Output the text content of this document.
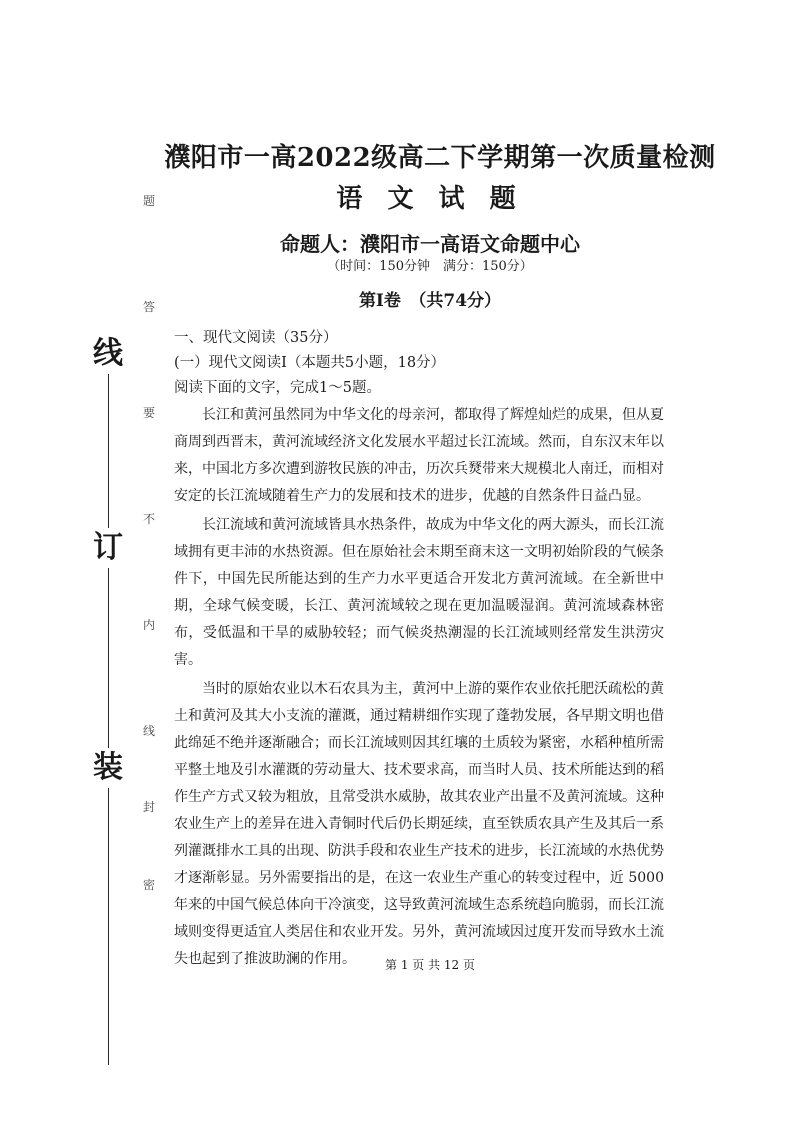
线
订
装
题
答
要
不
内
线
封
密
濮阳市一高2022级高二下学期第一次质量检测
语 文 试 题
命题人：濮阳市一高语文命题中心
（时间：150分钟　满分：150分）
第Ⅰ卷　（共74分）
一、现代文阅读（35分）
(一）现代文阅读Ⅰ（本题共5小题，18分）
阅读下面的文字，完成1～5题。

长江和黄河虽然同为中华文化的母亲河，都取得了辉煌灿烂的成果，但从夏商周到西晋末，黄河流域经济文化发展水平超过长江流域。然而，自东汉末年以来，中国北方多次遭到游牧民族的冲击，历次兵燹带来大规模北人南迁，而相对安定的长江流域随着生产力的发展和技术的进步，优越的自然条件日益凸显。

长江流域和黄河流域皆具水热条件，故成为中华文化的两大源头，而长江流域拥有更丰沛的水热资源。但在原始社会末期至商末这一文明初始阶段的气候条件下，中国先民所能达到的生产力水平更适合开发北方黄河流域。在全新世中期，全球气候变暖，长江、黄河流域较之现在更加温暖湿润。黄河流域森林密布，受低温和干旱的威胁较轻；而气候炎热潮湿的长江流域则经常发生洪涝灾害。

当时的原始农业以木石农具为主，黄河中上游的粟作农业依托肥沃疏松的黄土和黄河及其大小支流的灌溉，通过精耕细作实现了蓬勃发展，各早期文明也借此绵延不绝并逐渐融合；而长江流域则因其红壤的土质较为紧密，水稻种植所需平整土地及引水灌溉的劳动量大、技术要求高，而当时人员、技术所能达到的稻作生产方式又较为粗放，且常受洪水威胁，故其农业产出量不及黄河流域。这种农业生产上的差异在进入青铜时代后仍长期延续，直至铁质农具产生及其后一系列灌溉排水工具的出现、防洪手段和农业生产技术的进步，长江流域的水热优势才逐渐彰显。另外需要指出的是，在这一农业生产重心的转变过程中，近 5000 年来的中国气候总体向干冷演变，这导致黄河流域生态系统趋向脆弱，而长江流域则变得更适宜人类居住和农业开发。另外，黄河流域因过度开发而导致水土流失也起到了推波助澜的作用。	第 1 页 共 12 页
